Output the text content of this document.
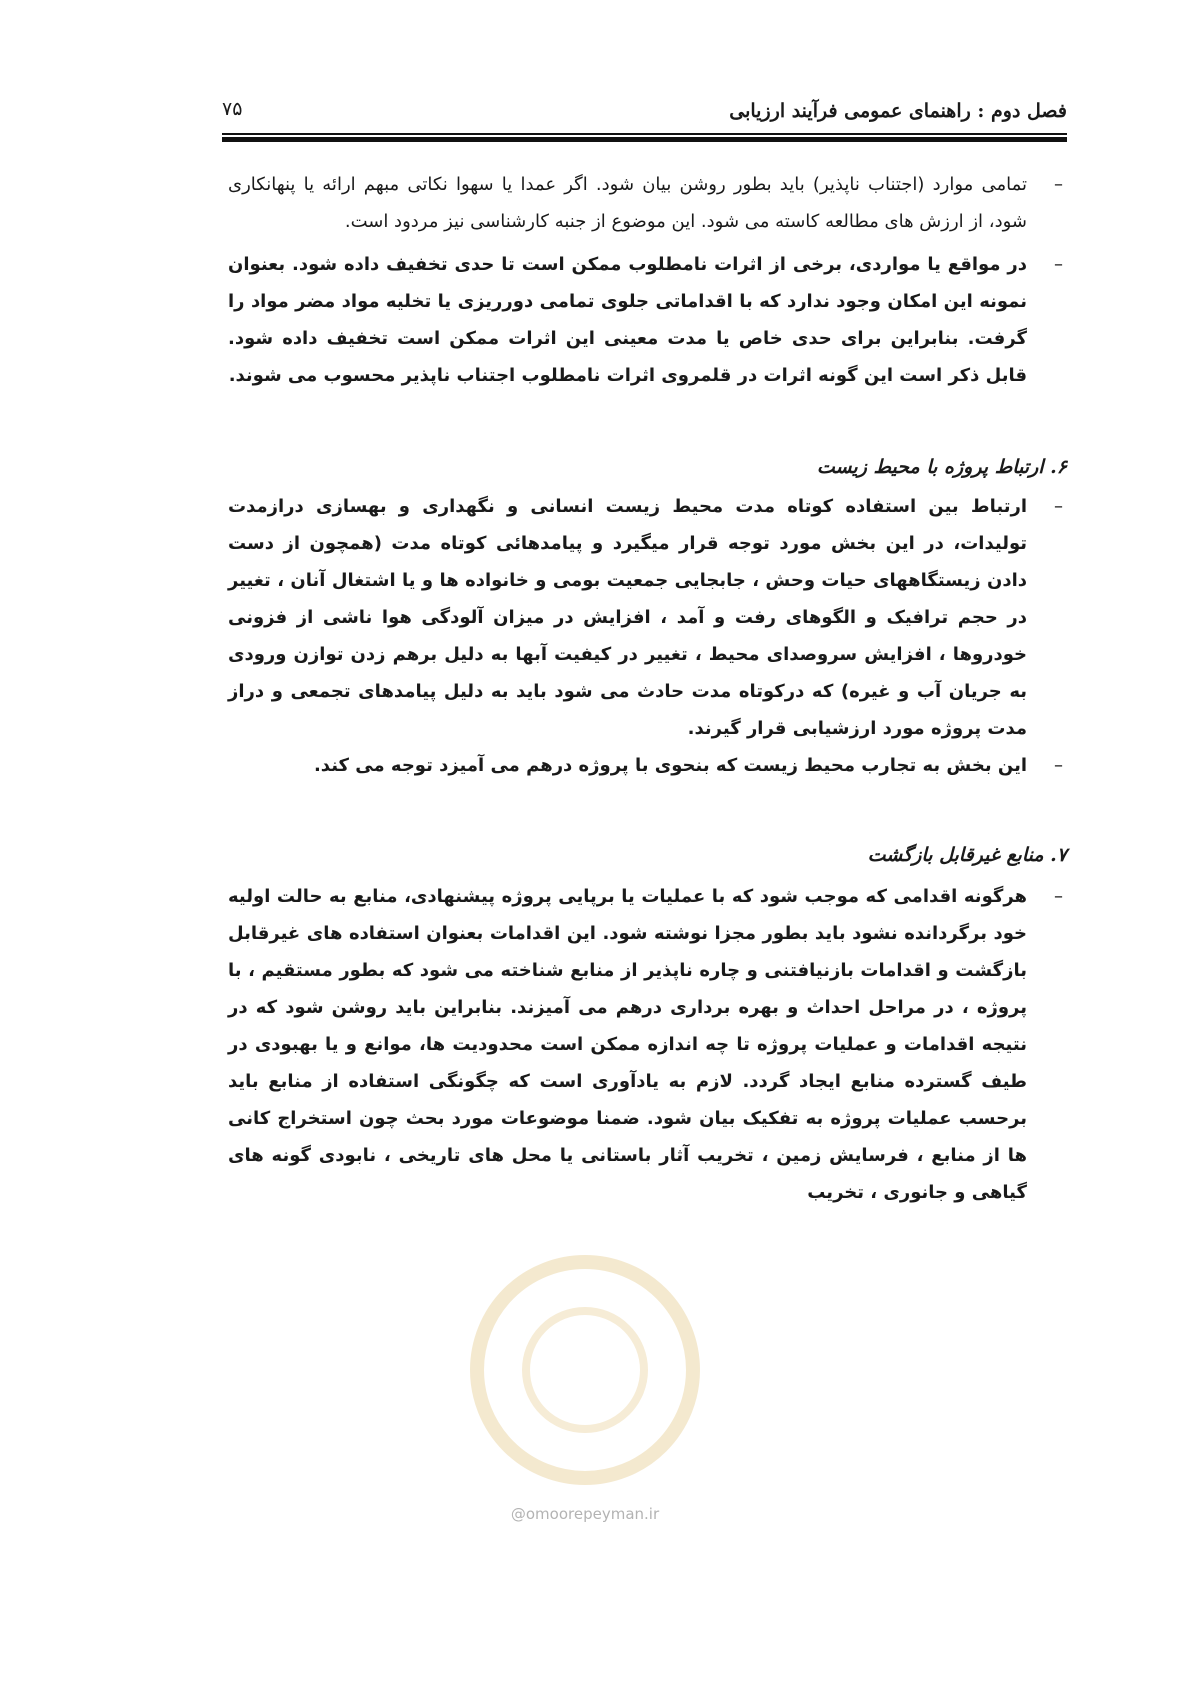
فصل دوم : راهنمای عمومی فرآیند ارزیابی
۷۵
–
تمامی موارد (اجتناب ناپذیر) باید بطور روشن بیان شود. اگر عمدا یا سهوا نکاتی مبهم ارائه یا پنهانکاری شود، از ارزش های مطالعه کاسته می شود. این موضوع از جنبه کارشناسی نیز مردود است.
–
در مواقع یا مواردی، برخی از اثرات نامطلوب ممکن است تا حدی تخفیف داده شود. بعنوان نمونه این امکان وجود ندارد که با اقداماتی جلوی تمامی دورریزی یا تخلیه مواد مضر مواد را گرفت. بنابراین برای حدی خاص یا مدت معینی این اثرات ممکن است تخفیف داده شود. قابل ذکر است این گونه اثرات در قلمروی اثرات نامطلوب اجتناب ناپذیر محسوب می شوند.
۶. ارتباط پروژه با محیط زیست
–
ارتباط بین استفاده کوتاه مدت محیط زیست انسانی و نگهداری و بهسازی درازمدت تولیدات، در این بخش مورد توجه قرار میگیرد و پیامدهائی کوتاه مدت (همچون از دست دادن زیستگاههای حیات وحش ، جابجایی جمعیت بومی و خانواده ها و یا اشتغال آنان ، تغییر در حجم ترافیک و الگوهای رفت و آمد ، افزایش در میزان آلودگی هوا ناشی از فزونی خودروها ، افزایش سروصدای محیط ، تغییر در کیفیت آبها به دلیل برهم زدن توازن ورودی به جریان آب و غیره) که درکوتاه مدت حادث می شود باید به دلیل پیامدهای تجمعی و دراز مدت پروژه مورد ارزشیابی قرار گیرند.
–
این بخش به تجارب محیط زیست که بنحوی با پروژه درهم می آمیزد توجه می کند.
۷. منابع غیرقابل بازگشت
–
هرگونه اقدامی که موجب شود که با عملیات یا برپایی پروژه پیشنهادی، منابع به حالت اولیه خود برگردانده نشود باید بطور مجزا نوشته شود. این اقدامات بعنوان استفاده های غیرقابل بازگشت و اقدامات بازنیافتنی و چاره ناپذیر از منابع شناخته می شود که بطور مستقیم ، با پروژه ، در مراحل احداث و بهره برداری درهم می آمیزند. بنابراین باید روشن شود که در نتیجه اقدامات و عملیات پروژه تا چه اندازه ممکن است محدودیت ها، موانع و یا بهبودی در طیف گسترده منابع ایجاد گردد. لازم به یادآوری است که چگونگی استفاده از منابع باید برحسب عملیات پروژه به تفکیک بیان شود. ضمنا موضوعات مورد بحث چون استخراج کانی ها از منابع ، فرسایش زمین ، تخریب آثار باستانی یا محل های تاریخی ، نابودی گونه های گیاهی و جانوری ، تخریب
@omoorepeyman.ir
